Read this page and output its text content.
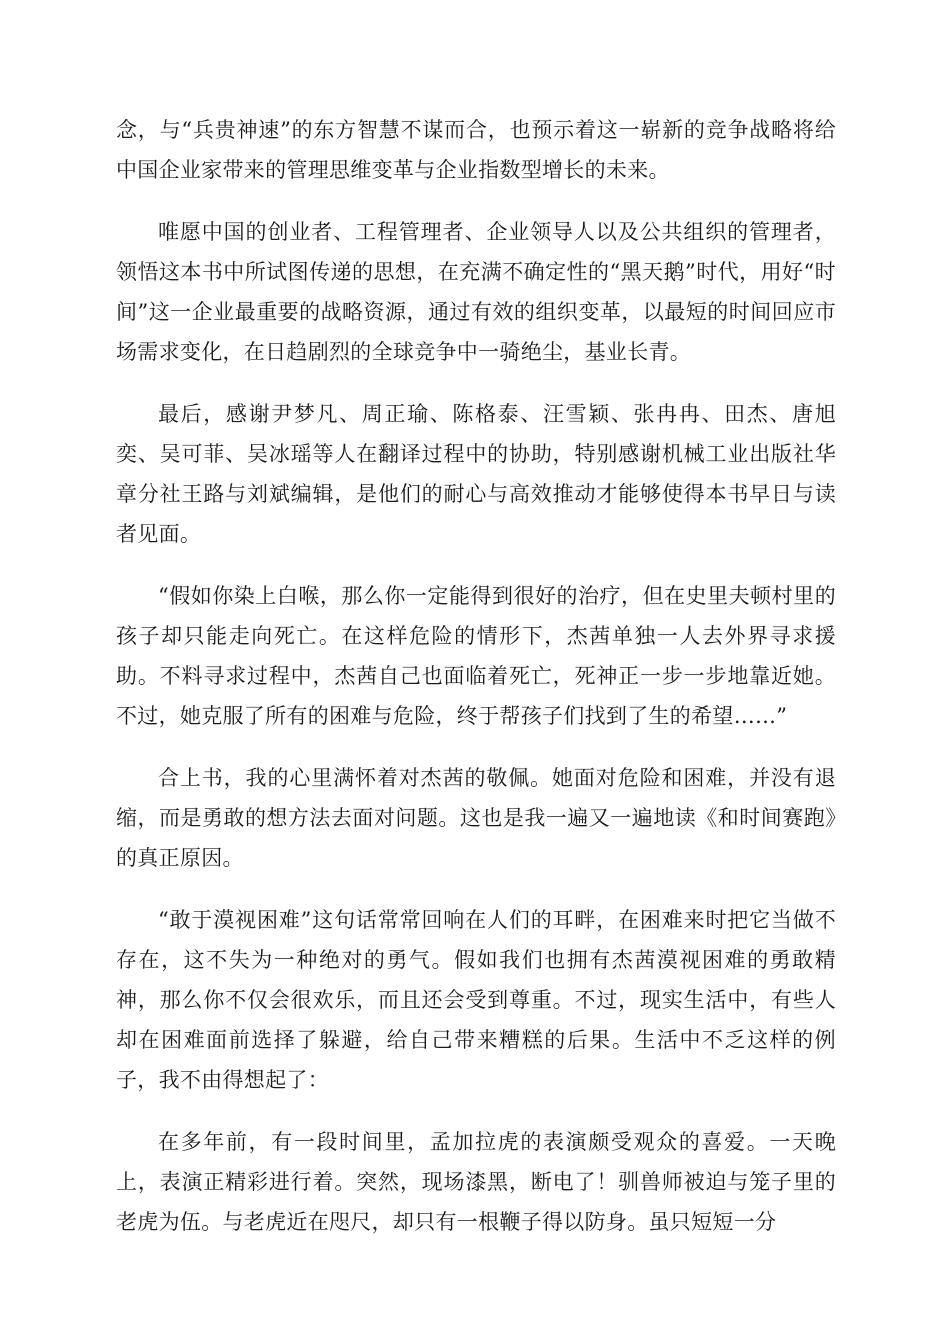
念，与“兵贵神速”的东方智慧不谋而合，也预示着这一崭新的竞争战略将给中国企业家带来的管理思维变革与企业指数型增长的未来。

唯愿中国的创业者、工程管理者、企业领导人以及公共组织的管理者，领悟这本书中所试图传递的思想，在充满不确定性的“黑天鹅”时代，用好“时间”这一企业最重要的战略资源，通过有效的组织变革，以最短的时间回应市场需求变化，在日趋剧烈的全球竞争中一骑绝尘，基业长青。

最后，感谢尹梦凡、周正瑜、陈格泰、汪雪颖、张冉冉、田杰、唐旭奕、吴可菲、吴冰瑶等人在翻译过程中的协助，特别感谢机械工业出版社华章分社王路与刘斌编辑，是他们的耐心与高效推动才能够使得本书早日与读者见面。

“假如你染上白喉，那么你一定能得到很好的治疗，但在史里夫顿村里的孩子却只能走向死亡。在这样危险的情形下，杰茜单独一人去外界寻求援助。不料寻求过程中，杰茜自己也面临着死亡，死神正一步一步地靠近她。不过，她克服了所有的困难与危险，终于帮孩子们找到了生的希望……”

合上书，我的心里满怀着对杰茜的敬佩。她面对危险和困难，并没有退缩，而是勇敢的想方法去面对问题。这也是我一遍又一遍地读《和时间赛跑》的真正原因。

“敢于漠视困难”这句话常常回响在人们的耳畔，在困难来时把它当做不存在，这不失为一种绝对的勇气。假如我们也拥有杰茜漠视困难的勇敢精神，那么你不仅会很欢乐，而且还会受到尊重。不过，现实生活中，有些人却在困难面前选择了躲避，给自己带来糟糕的后果。生活中不乏这样的例子，我不由得想起了：

在多年前，有一段时间里，孟加拉虎的表演颇受观众的喜爱。一天晚上，表演正精彩进行着。突然，现场漆黑，断电了！驯兽师被迫与笼子里的老虎为伍。与老虎近在咫尺，却只有一根鞭子得以防身。虽只短短一分
